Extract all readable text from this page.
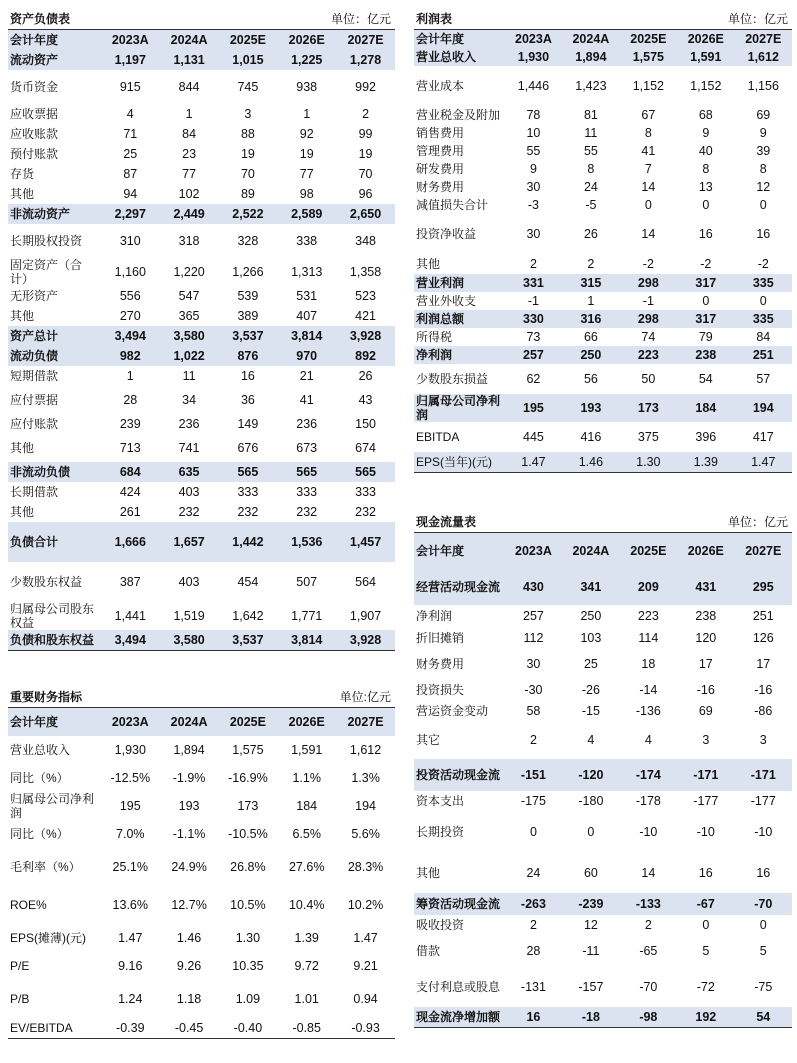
资产负债表	单位：亿元
会计年度	2023A	2024A	2025E	2026E	2027E
流动资产	1,197	1,131	1,015	1,225	1,278
货币资金	915	844	745	938	992
应收票据	4	1	3	1	2
应收账款	71	84	88	92	99
预付账款	25	23	19	19	19
存货	87	77	70	77	70
其他	94	102	89	98	96
非流动资产	2,297	2,449	2,522	2,589	2,650
长期股权投资	310	318	328	338	348
固定资产（合计）	1,160	1,220	1,266	1,313	1,358
无形资产	556	547	539	531	523
其他	270	365	389	407	421
资产总计	3,494	3,580	3,537	3,814	3,928
流动负债	982	1,022	876	970	892
短期借款	1	11	16	21	26
应付票据	28	34	36	41	43
应付账款	239	236	149	236	150
其他	713	741	676	673	674
非流动负债	684	635	565	565	565
长期借款	424	403	333	333	333
其他	261	232	232	232	232
负债合计	1,666	1,657	1,442	1,536	1,457
少数股东权益	387	403	454	507	564
归属母公司股东权益	1,441	1,519	1,642	1,771	1,907
负债和股东权益	3,494	3,580	3,537	3,814	3,928
重要财务指标	单位:亿元
会计年度	2023A	2024A	2025E	2026E	2027E
营业总收入	1,930	1,894	1,575	1,591	1,612
同比（%）	-12.5%	-1.9%	-16.9%	1.1%	1.3%
归属母公司净利润	195	193	173	184	194
同比（%）	7.0%	-1.1%	-10.5%	6.5%	5.6%
毛利率（%）	25.1%	24.9%	26.8%	27.6%	28.3%
ROE%	13.6%	12.7%	10.5%	10.4%	10.2%
EPS(摊薄)(元)	1.47	1.46	1.30	1.39	1.47
P/E	9.16	9.26	10.35	9.72	9.21
P/B	1.24	1.18	1.09	1.01	0.94
EV/EBITDA	-0.39	-0.45	-0.40	-0.85	-0.93
利润表	单位：亿元
会计年度	2023A	2024A	2025E	2026E	2027E
营业总收入	1,930	1,894	1,575	1,591	1,612
营业成本	1,446	1,423	1,152	1,152	1,156
营业税金及附加	78	81	67	68	69
销售费用	10	11	8	9	9
管理费用	55	55	41	40	39
研发费用	9	8	7	8	8
财务费用	30	24	14	13	12
减值损失合计	-3	-5	0	0	0
投资净收益	30	26	14	16	16
其他	2	2	-2	-2	-2
营业利润	331	315	298	317	335
营业外收支	-1	1	-1	0	0
利润总额	330	316	298	317	335
所得税	73	66	74	79	84
净利润	257	250	223	238	251
少数股东损益	62	56	50	54	57
归属母公司净利润	195	193	173	184	194
EBITDA	445	416	375	396	417
EPS(当年)(元)	1.47	1.46	1.30	1.39	1.47
现金流量表	单位：亿元
会计年度	2023A	2024A	2025E	2026E	2027E
经营活动现金流	430	341	209	431	295
净利润	257	250	223	238	251
折旧摊销	112	103	114	120	126
财务费用	30	25	18	17	17
投资损失	-30	-26	-14	-16	-16
营运资金变动	58	-15	-136	69	-86
其它	2	4	4	3	3
投资活动现金流	-151	-120	-174	-171	-171
资本支出	-175	-180	-178	-177	-177
长期投资	0	0	-10	-10	-10
其他	24	60	14	16	16
筹资活动现金流	-263	-239	-133	-67	-70
吸收投资	2	12	2	0	0
借款	28	-11	-65	5	5
支付利息或股息	-131	-157	-70	-72	-75
现金流净增加额	16	-18	-98	192	54
